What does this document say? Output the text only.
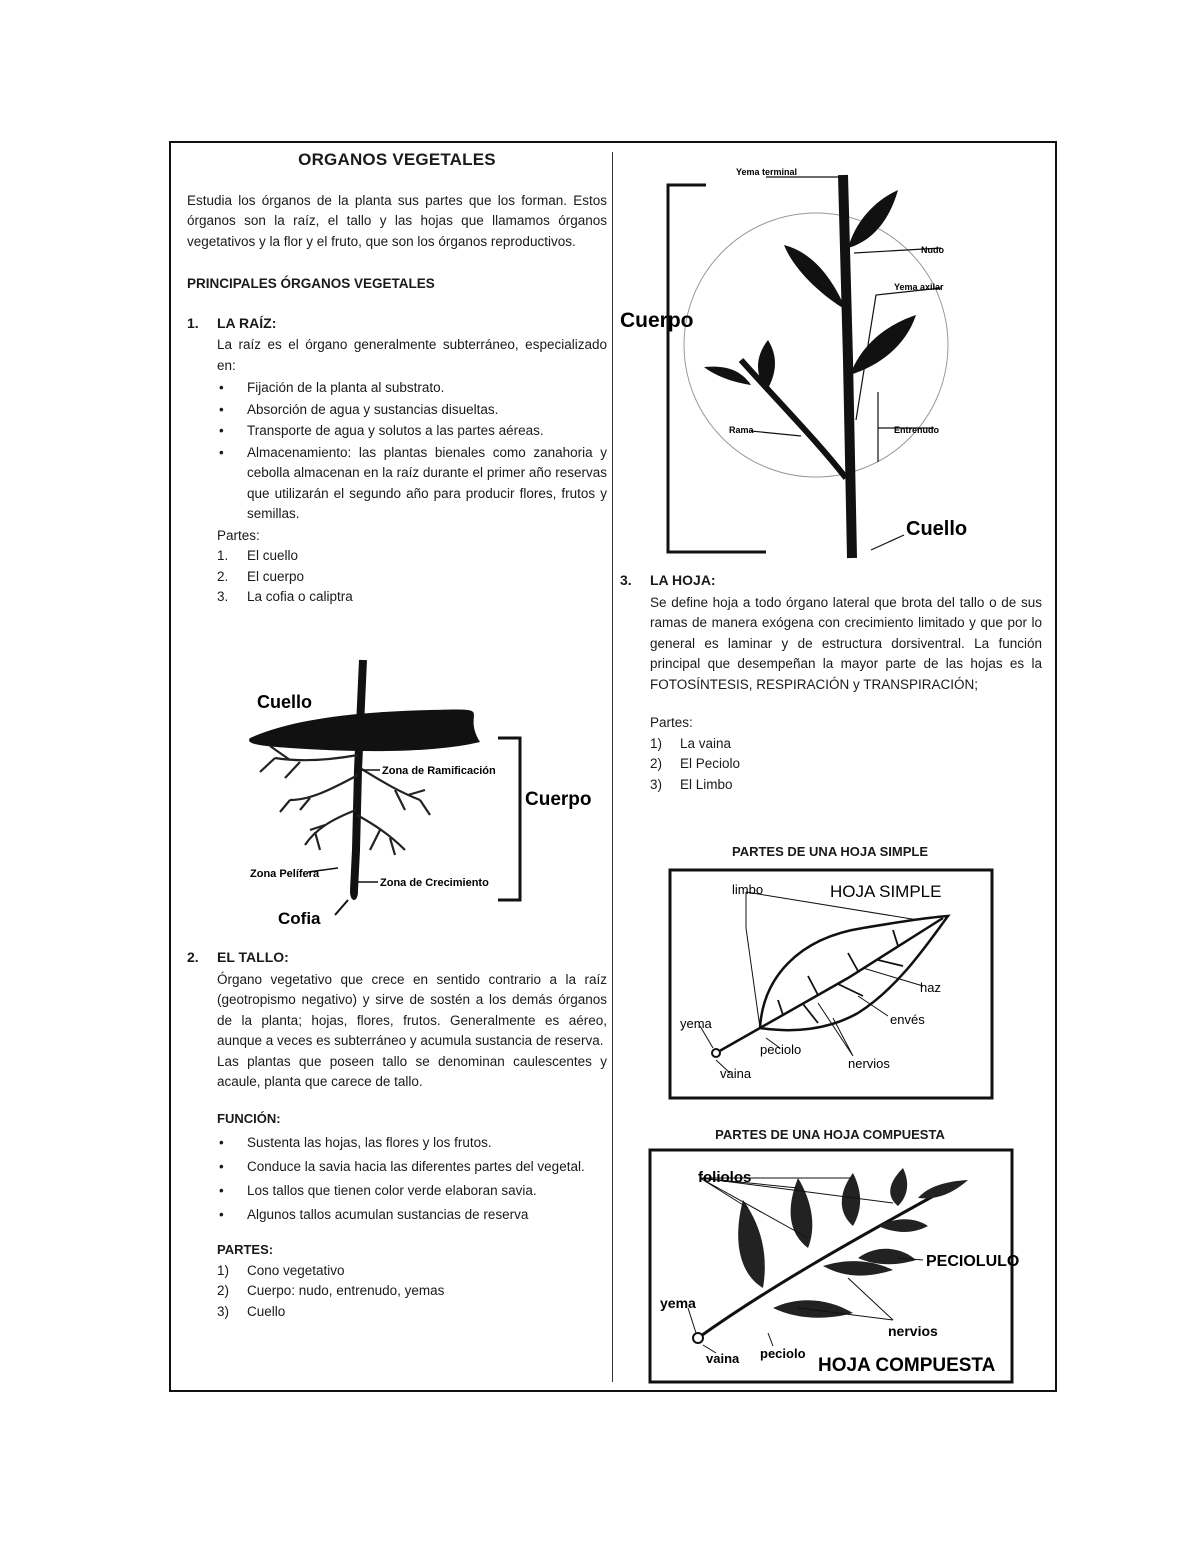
ORGANOS VEGETALES

Estudia los órganos de la planta sus partes que los forman. Estos órganos son la raíz, el tallo y las hojas que llamamos órganos vegetativos y la flor y el fruto, que son los órganos reproductivos.

PRINCIPALES ÓRGANOS VEGETALES
1. LA RAÍZ:

La raíz es el órgano generalmente subterráneo, especializado en:

• Fijación de la planta al substrato.
• Absorción de agua y sustancias disueltas.
• Transporte de agua y solutos a las partes aéreas.
• Almacenamiento: las plantas bienales como zanahoria y cebolla almacenan en la raíz durante el primer año reservas que utilizarán el segundo año para producir flores, frutos y semillas.

Partes:

1. El cuello
2. El cuerpo
3. La cofia o caliptra
Cuello
Zona de Ramificación
Cuerpo
Zona Pelífera
Zona de Crecimiento
Cofia
2. EL TALLO:

Órgano vegetativo que crece en sentido contrario a la raíz (geotropismo negativo) y sirve de sostén a los demás órganos de la planta; hojas, flores, frutos. Generalmente es aéreo, aunque a veces es subterráneo y acumula sustancia de reserva.

Las plantas que poseen tallo se denominan caulescentes y acaule, planta que carece de tallo.

FUNCIÓN:

• Sustenta las hojas, las flores y los frutos.
• Conduce la savia hacia las diferentes partes del vegetal.
• Los tallos que tienen color verde elaboran savia.
• Algunos tallos acumulan sustancias de reserva

PARTES:

1) Cono vegetativo
2) Cuerpo: nudo, entrenudo, yemas
3) Cuello
Yema terminal
Nudo
Yema axilar
Cuerpo
Rama	Entrenudo
Cuello
3. LA HOJA:

Se define hoja a todo órgano lateral que brota del tallo o de sus ramas de manera exógena con crecimiento limitado y que por lo general es laminar y de estructura dorsiventral. La función principal que desempeñan la mayor parte de las hojas es la FOTOSÍNTESIS, RESPIRACIÓN y TRANSPIRACIÓN;

Partes:

1) La vaina
2) El Peciolo
3) El Limbo
PARTES DE UNA HOJA SIMPLE
limbo	HOJA SIMPLE
haz
envés
yema
peciolo
nervios
vaina
PARTES DE UNA HOJA COMPUESTA
foliolos
PECIOLULO
yema
nervios
vaina peciolo
HOJA COMPUESTA
